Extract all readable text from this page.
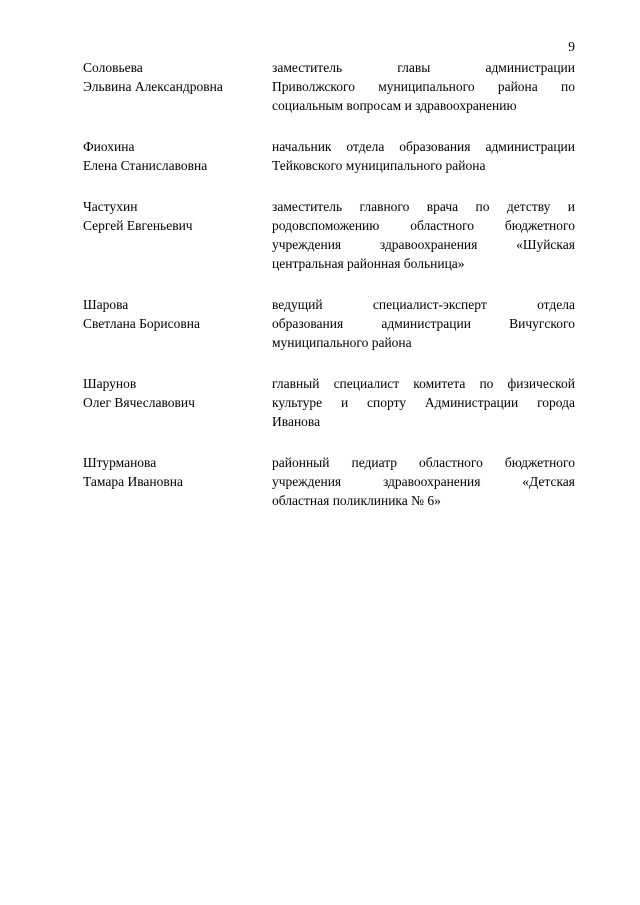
9
Соловьева
Эльвина Александровна
заместитель главы администрации
Приволжского муниципального района по
социальным вопросам и здравоохранению
Фиохина
Елена Станиславовна
начальник отдела образования администрации
Тейковского муниципального района
Частухин
Сергей Евгеньевич
заместитель главного врача по детству и
родовспоможению областного бюджетного
учреждения здравоохранения «Шуйская
центральная районная больница»
Шарова
Светлана Борисовна
ведущий специалист-эксперт отдела
образования администрации Вичугского
муниципального района
Шарунов
Олег Вячеславович
главный специалист комитета по физической
культуре и спорту Администрации города
Иванова
Штурманова
Тамара Ивановна
районный педиатр областного бюджетного
учреждения здравоохранения «Детская
областная поликлиника № 6»
